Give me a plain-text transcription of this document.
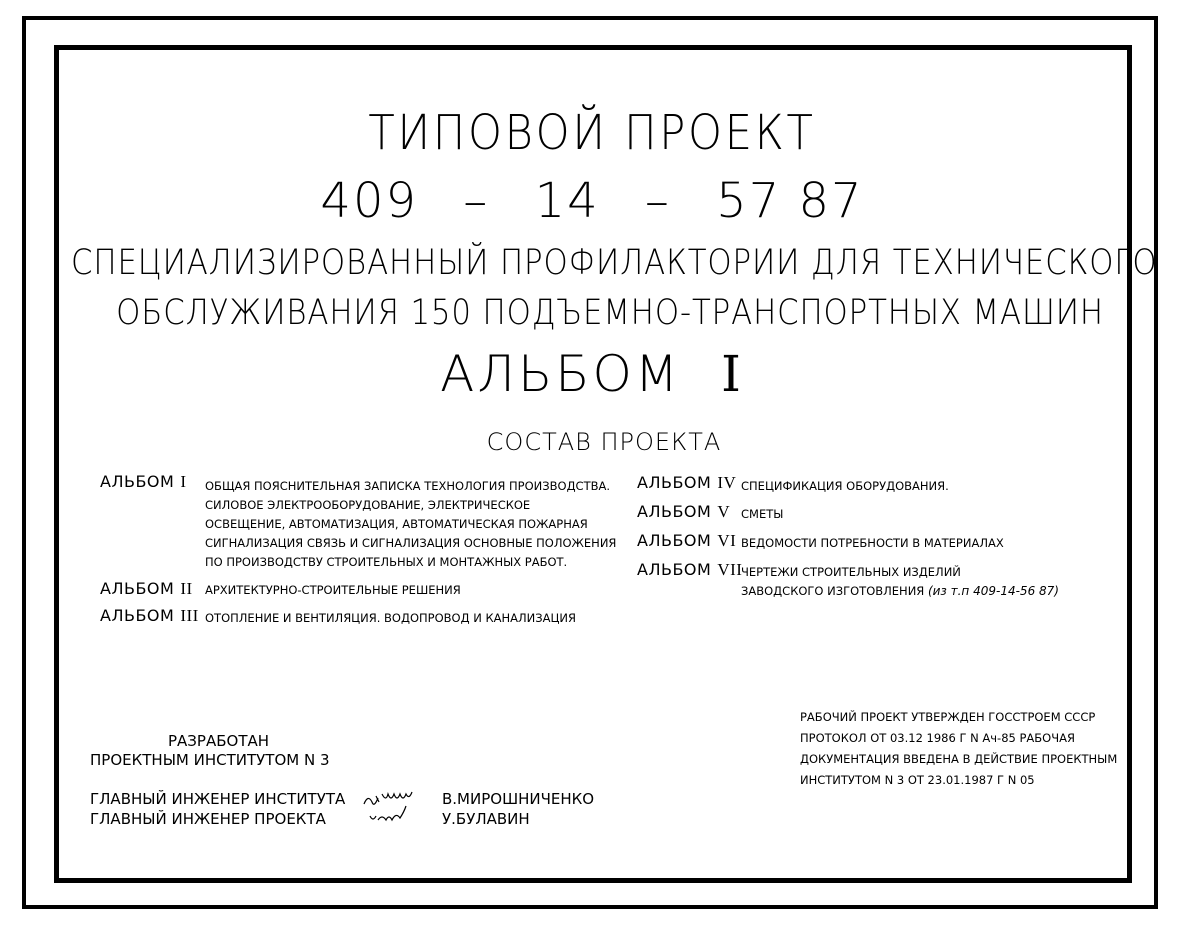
ТИПОВОЙ ПРОЕКТ
409 – 14 – 57 87
СПЕЦИАЛИЗИРОВАННЫЙ ПРОФИЛАКТОРИИ ДЛЯ ТЕХНИЧЕСКОГО
ОБСЛУЖИВАНИЯ 150 ПОДЪЕМНО-ТРАНСПОРТНЫХ МАШИН
АЛЬБОМ I
СОСТАВ ПРОЕКТА
АЛЬБОМ I ОБЩАЯ ПОЯСНИТЕЛЬНАЯ ЗАПИСКА ТЕХНОЛОГИЯ ПРОИЗВОДСТВА.
СИЛОВОЕ ЭЛЕКТРООБОРУДОВАНИЕ, ЭЛЕКТРИЧЕСКОЕ
ОСВЕЩЕНИЕ, АВТОМАТИЗАЦИЯ, АВТОМАТИЧЕСКАЯ ПОЖАРНАЯ
СИГНАЛИЗАЦИЯ СВЯЗЬ И СИГНАЛИЗАЦИЯ ОСНОВНЫЕ ПОЛОЖЕНИЯ
ПО ПРОИЗВОДСТВУ СТРОИТЕЛЬНЫХ И МОНТАЖНЫХ РАБОТ.
АЛЬБОМ II АРХИТЕКТУРНО-СТРОИТЕЛЬНЫЕ РЕШЕНИЯ
АЛЬБОМ III ОТОПЛЕНИЕ И ВЕНТИЛЯЦИЯ. ВОДОПРОВОД И КАНАЛИЗАЦИЯ
АЛЬБОМ IV СПЕЦИФИКАЦИЯ ОБОРУДОВАНИЯ.
АЛЬБОМ V СМЕТЫ
АЛЬБОМ VI ВЕДОМОСТИ ПОТРЕБНОСТИ В МАТЕРИАЛАХ
АЛЬБОМ VII
ЧЕРТЕЖИ СТРОИТЕЛЬНЫХ ИЗДЕЛИЙ
ЗАВОДСКОГО ИЗГОТОВЛЕНИЯ (из т.п 409-14-56 87)
РАБОЧИЙ ПРОЕКТ УТВЕРЖДЕН ГОССТРОЕМ СССР
ПРОТОКОЛ ОТ 03.12 1986 Г N Ач-85 РАБОЧАЯ
ДОКУМЕНТАЦИЯ ВВЕДЕНА В ДЕЙСТВИЕ ПРОЕКТНЫМ
ИНСТИТУТОМ N 3 ОТ 23.01.1987 Г N 05
РАЗРАБОТАН
ПРОЕКТНЫМ ИНСТИТУТОМ N 3
ГЛАВНЫЙ ИНЖЕНЕР ИНСТИТУТА	В.МИРОШНИЧЕНКО
ГЛАВНЫЙ ИНЖЕНЕР ПРОЕКТА	У.БУЛАВИН
